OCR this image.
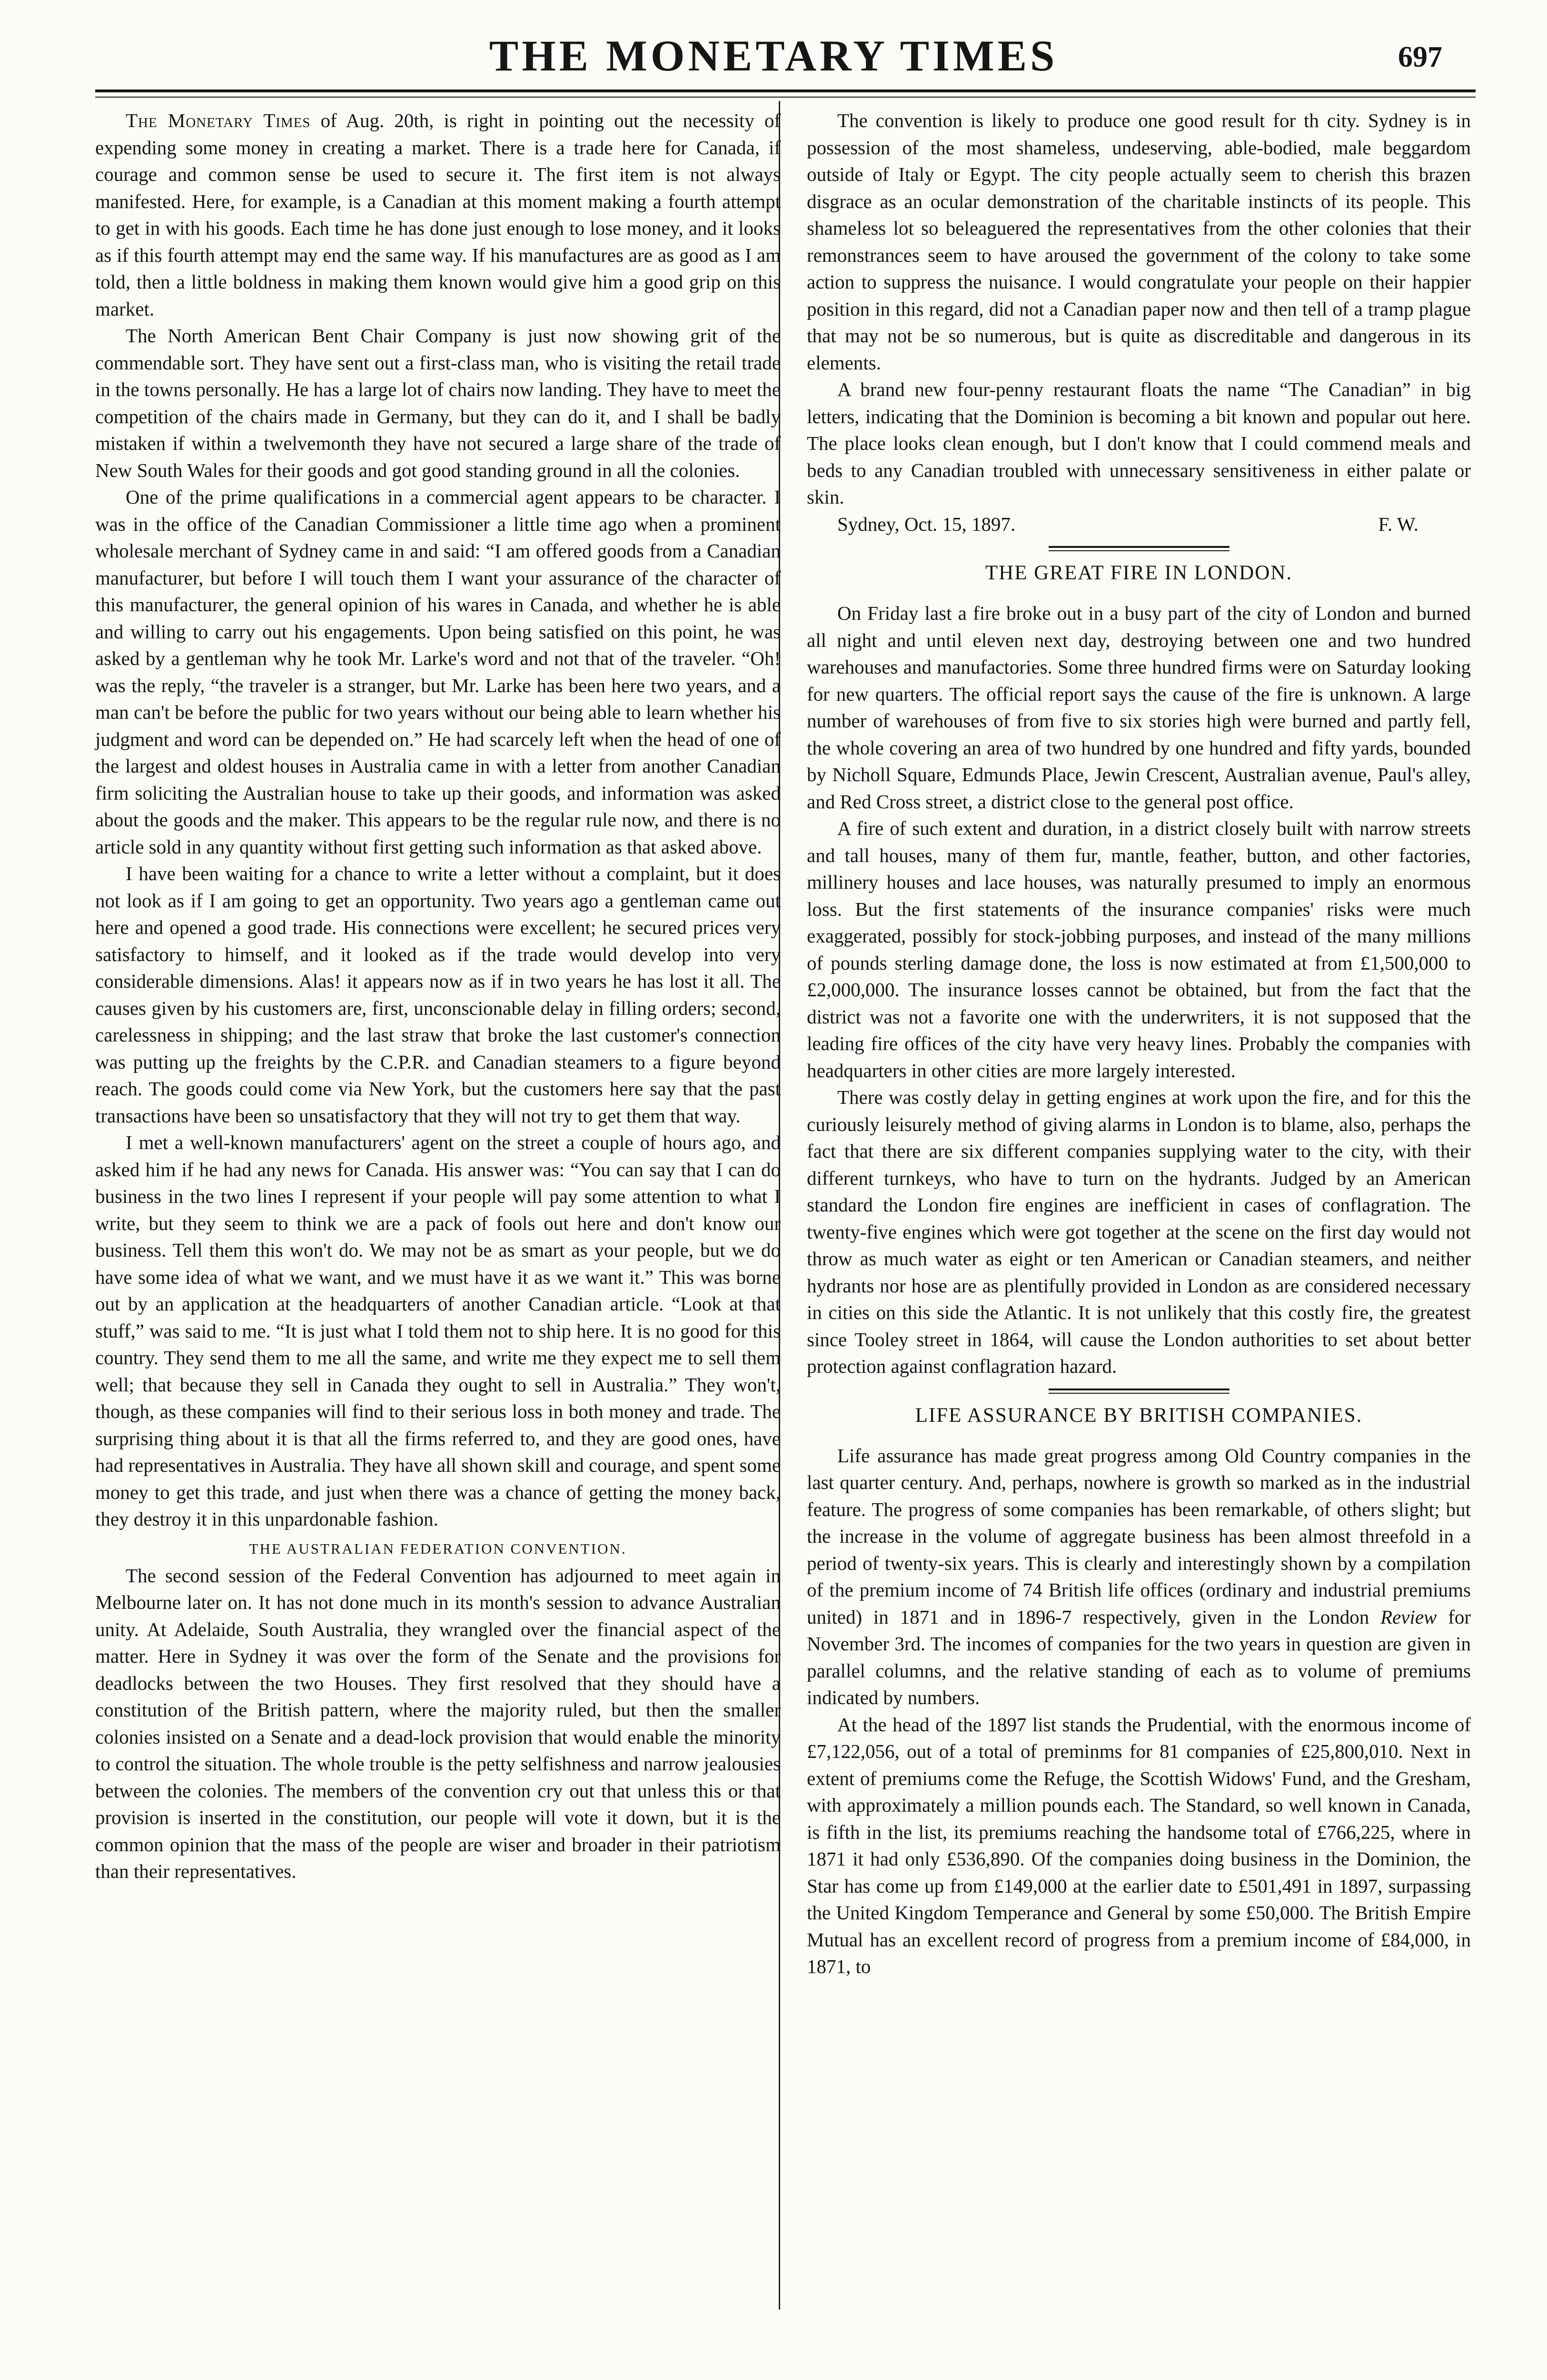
THE MONETARY TIMES	697

The Monetary Times of Aug. 20th, is right in pointing out the necessity of expending some money in creating a market. There is a trade here for Canada, if courage and common sense be used to secure it. The first item is not always manifested. Here, for example, is a Canadian at this moment making a fourth attempt to get in with his goods. Each time he has done just enough to lose money, and it looks as if this fourth attempt may end the same way. If his manufactures are as good as I am told, then a little boldness in making them known would give him a good grip on this market.

The North American Bent Chair Company is just now showing grit of the commendable sort. They have sent out a first-class man, who is visiting the retail trade in the towns personally. He has a large lot of chairs now landing. They have to meet the competition of the chairs made in Germany, but they can do it, and I shall be badly mistaken if within a twelvemonth they have not secured a large share of the trade of New South Wales for their goods and got good standing ground in all the colonies.

One of the prime qualifications in a commercial agent appears to be character. I was in the office of the Canadian Commissioner a little time ago when a prominent wholesale merchant of Sydney came in and said: “I am offered goods from a Canadian manufacturer, but before I will touch them I want your assurance of the character of this manufacturer, the general opinion of his wares in Canada, and whether he is able and willing to carry out his engagements. Upon being satisfied on this point, he was asked by a gentleman why he took Mr. Larke's word and not that of the traveler. “Oh! was the reply, “the traveler is a stranger, but Mr. Larke has been here two years, and a man can't be before the public for two years without our being able to learn whether his judgment and word can be depended on.” He had scarcely left when the head of one of the largest and oldest houses in Australia came in with a letter from another Canadian firm soliciting the Australian house to take up their goods, and information was asked about the goods and the maker. This appears to be the regular rule now, and there is no article sold in any quantity without first getting such information as that asked above.

I have been waiting for a chance to write a letter without a complaint, but it does not look as if I am going to get an opportunity. Two years ago a gentleman came out here and opened a good trade. His connections were excellent; he secured prices very satisfactory to himself, and it looked as if the trade would develop into very considerable dimensions. Alas! it appears now as if in two years he has lost it all. The causes given by his customers are, first, unconscionable delay in filling orders; second, carelessness in shipping; and the last straw that broke the last customer's connection was putting up the freights by the C.P.R. and Canadian steamers to a figure beyond reach. The goods could come via New York, but the customers here say that the past transactions have been so unsatisfactory that they will not try to get them that way.

I met a well-known manufacturers' agent on the street a couple of hours ago, and asked him if he had any news for Canada. His answer was: “You can say that I can do business in the two lines I represent if your people will pay some attention to what I write, but they seem to think we are a pack of fools out here and don't know our business. Tell them this won't do. We may not be as smart as your people, but we do have some idea of what we want, and we must have it as we want it.” This was borne out by an application at the headquarters of another Canadian article. “Look at that stuff,” was said to me. “It is just what I told them not to ship here. It is no good for this country. They send them to me all the same, and write me they expect me to sell them well; that because they sell in Canada they ought to sell in Australia.” They won't, though, as these companies will find to their serious loss in both money and trade. The surprising thing about it is that all the firms referred to, and they are good ones, have had representatives in Australia. They have all shown skill and courage, and spent some money to get this trade, and just when there was a chance of getting the money back, they destroy it in this unpardonable fashion.

THE AUSTRALIAN FEDERATION CONVENTION.

The second session of the Federal Convention has adjourned to meet again in Melbourne later on. It has not done much in its month's session to advance Australian unity. At Adelaide, South Australia, they wrangled over the financial aspect of the matter. Here in Sydney it was over the form of the Senate and the provisions for deadlocks between the two Houses. They first resolved that they should have a constitution of the British pattern, where the majority ruled, but then the smaller colonies insisted on a Senate and a dead-lock provision that would enable the minority to control the situation. The whole trouble is the petty selfishness and narrow jealousies between the colonies. The members of the convention cry out that unless this or that provision is inserted in the constitution, our people will vote it down, but it is the common opinion that the mass of the people are wiser and broader in their patriotism than their representatives.

The convention is likely to produce one good result for th city. Sydney is in possession of the most shameless, undeserving, able-bodied, male beggardom outside of Italy or Egypt. The city people actually seem to cherish this brazen disgrace as an ocular demonstration of the charitable instincts of its people. This shameless lot so beleaguered the representatives from the other colonies that their remonstrances seem to have aroused the government of the colony to take some action to suppress the nuisance. I would congratulate your people on their happier position in this regard, did not a Canadian paper now and then tell of a tramp plague that may not be so numerous, but is quite as discreditable and dangerous in its elements.

A brand new four-penny restaurant floats the name “The Canadian” in big letters, indicating that the Dominion is becoming a bit known and popular out here. The place looks clean enough, but I don't know that I could commend meals and beds to any Canadian troubled with unnecessary sensitiveness in either palate or skin.

Sydney, Oct. 15, 1897.	F. W.
THE GREAT FIRE IN LONDON.

On Friday last a fire broke out in a busy part of the city of London and burned all night and until eleven next day, destroying between one and two hundred warehouses and manufactories. Some three hundred firms were on Saturday looking for new quarters. The official report says the cause of the fire is unknown. A large number of warehouses of from five to six stories high were burned and partly fell, the whole covering an area of two hundred by one hundred and fifty yards, bounded by Nicholl Square, Edmunds Place, Jewin Crescent, Australian avenue, Paul's alley, and Red Cross street, a district close to the general post office.

A fire of such extent and duration, in a district closely built with narrow streets and tall houses, many of them fur, mantle, feather, button, and other factories, millinery houses and lace houses, was naturally presumed to imply an enormous loss. But the first statements of the insurance companies' risks were much exaggerated, possibly for stock-jobbing purposes, and instead of the many millions of pounds sterling damage done, the loss is now estimated at from £1,500,000 to £2,000,000. The insurance losses cannot be obtained, but from the fact that the district was not a favorite one with the underwriters, it is not supposed that the leading fire offices of the city have very heavy lines. Probably the companies with headquarters in other cities are more largely interested.

There was costly delay in getting engines at work upon the fire, and for this the curiously leisurely method of giving alarms in London is to blame, also, perhaps the fact that there are six different companies supplying water to the city, with their different turnkeys, who have to turn on the hydrants. Judged by an American standard the London fire engines are inefficient in cases of conflagration. The twenty-five engines which were got together at the scene on the first day would not throw as much water as eight or ten American or Canadian steamers, and neither hydrants nor hose are as plentifully provided in London as are considered necessary in cities on this side the Atlantic. It is not unlikely that this costly fire, the greatest since Tooley street in 1864, will cause the London authorities to set about better protection against conflagration hazard.

LIFE ASSURANCE BY BRITISH COMPANIES.

Life assurance has made great progress among Old Country companies in the last quarter century. And, perhaps, nowhere is growth so marked as in the industrial feature. The progress of some companies has been remarkable, of others slight; but the increase in the volume of aggregate business has been almost threefold in a period of twenty-six years. This is clearly and interestingly shown by a compilation of the premium income of 74 British life offices (ordinary and industrial premiums united) in 1871 and in 1896-7 respectively, given in the London Review for November 3rd. The incomes of companies for the two years in question are given in parallel columns, and the relative standing of each as to volume of premiums indicated by numbers.

At the head of the 1897 list stands the Prudential, with the enormous income of £7,122,056, out of a total of preminms for 81 companies of £25,800,010. Next in extent of premiums come the Refuge, the Scottish Widows' Fund, and the Gresham, with approximately a million pounds each. The Standard, so well known in Canada, is fifth in the list, its premiums reaching the handsome total of £766,225, where in 1871 it had only £536,890. Of the companies doing business in the Dominion, the Star has come up from £149,000 at the earlier date to £501,491 in 1897, surpassing the United Kingdom Temperance and General by some £50,000. The British Empire Mutual has an excellent record of progress from a premium income of £84,000, in 1871, to
